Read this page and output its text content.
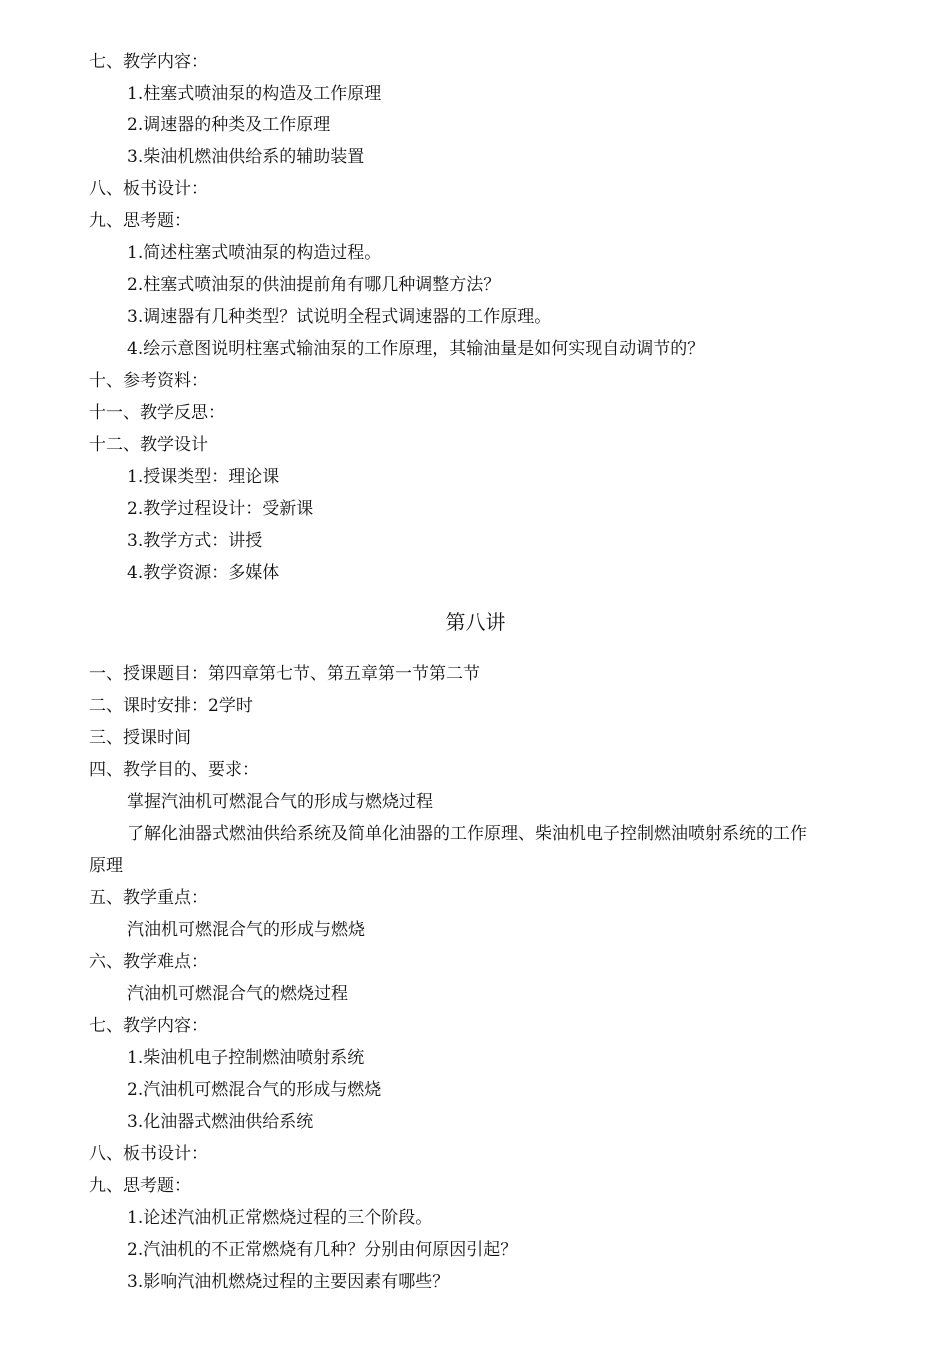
七、教学内容：
1.柱塞式喷油泵的构造及工作原理
2.调速器的种类及工作原理
3.柴油机燃油供给系的辅助装置
八、板书设计：
九、思考题：
1.简述柱塞式喷油泵的构造过程。
2.柱塞式喷油泵的供油提前角有哪几种调整方法？
3.调速器有几种类型？试说明全程式调速器的工作原理。
4.绘示意图说明柱塞式输油泵的工作原理，其输油量是如何实现自动调节的？
十、参考资料：
十一、教学反思：
十二、教学设计
1.授课类型：理论课
2.教学过程设计：受新课
3.教学方式：讲授
4.教学资源：多媒体
第八讲
一、授课题目：第四章第七节、第五章第一节第二节
二、课时安排：2学时
三、授课时间
四、教学目的、要求：
掌握汽油机可燃混合气的形成与燃烧过程
了解化油器式燃油供给系统及简单化油器的工作原理、柴油机电子控制燃油喷射系统的工作
原理
五、教学重点：
汽油机可燃混合气的形成与燃烧
六、教学难点：
汽油机可燃混合气的燃烧过程
七、教学内容：
1.柴油机电子控制燃油喷射系统
2.汽油机可燃混合气的形成与燃烧
3.化油器式燃油供给系统
八、板书设计：
九、思考题：
1.论述汽油机正常燃烧过程的三个阶段。
2.汽油机的不正常燃烧有几种？分别由何原因引起？
3.影响汽油机燃烧过程的主要因素有哪些？
